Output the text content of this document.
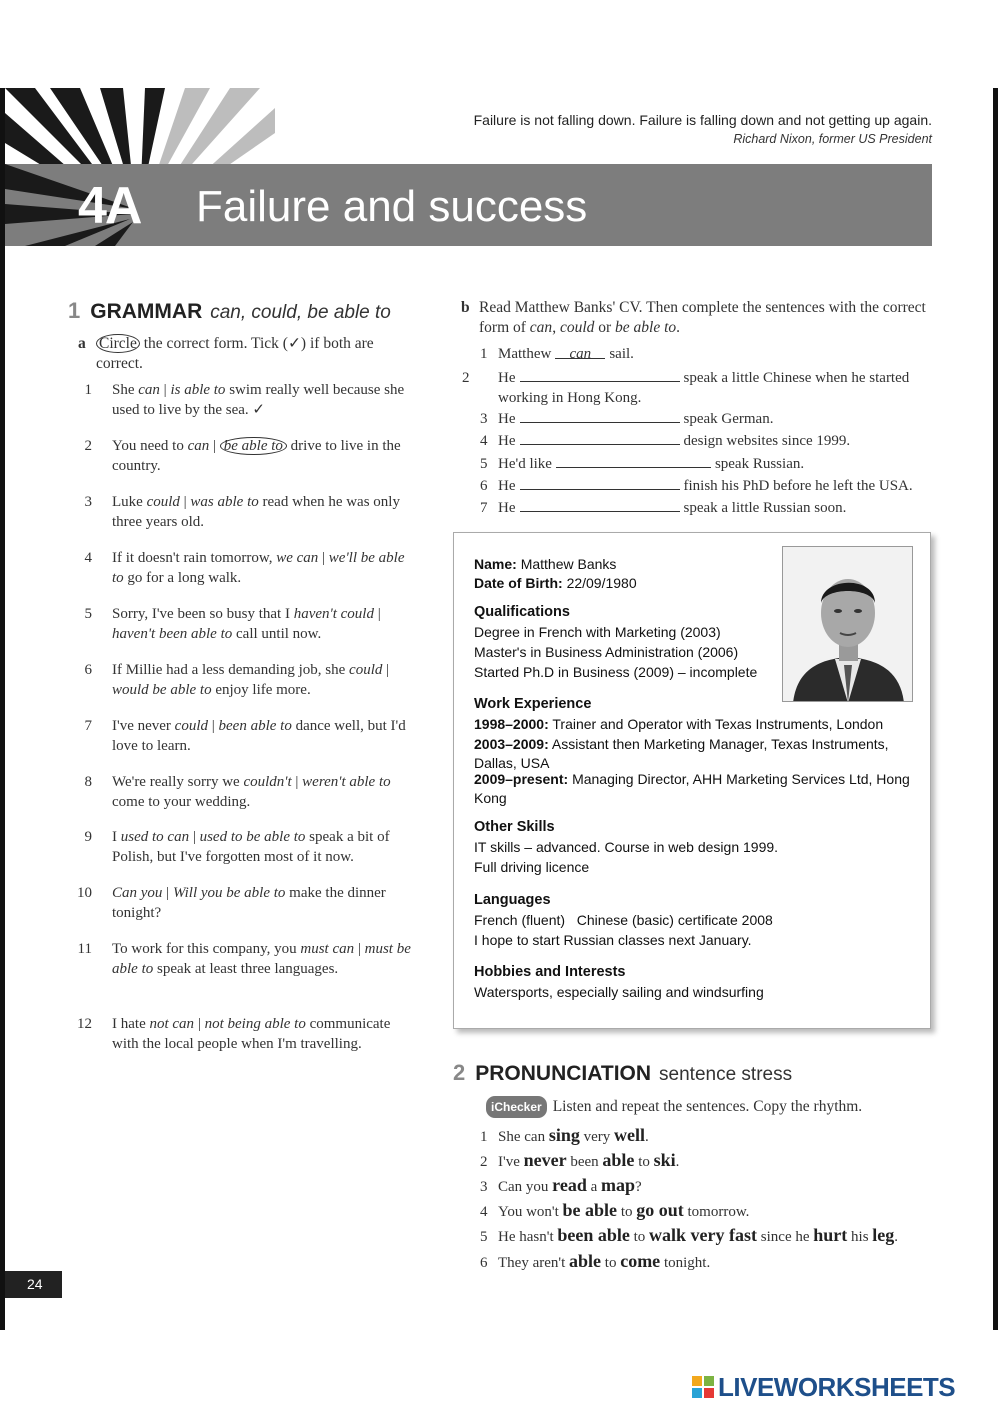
Failure is not falling down. Failure is falling down and not getting up again.
Richard Nixon, former US President
4A Failure and success
1 GRAMMAR can, could, be able to
a Circle the correct form. Tick (✓) if both are correct.
1 She can | is able to swim really well because she used to live by the sea. ✓
2 You need to can | be able to drive to live in the country.
3 Luke could | was able to read when he was only three years old.
4 If it doesn't rain tomorrow, we can | we'll be able to go for a long walk.
5 Sorry, I've been so busy that I haven't could | haven't been able to call until now.
6 If Millie had a less demanding job, she could | would be able to enjoy life more.
7 I've never could | been able to dance well, but I'd love to learn.
8 We're really sorry we couldn't | weren't able to come to your wedding.
9 I used to can | used to be able to speak a bit of Polish, but I've forgotten most of it now.
10 Can you | Will you be able to make the dinner tonight?
11 To work for this company, you must can | must be able to speak at least three languages.
12 I hate not can | not being able to communicate with the local people when I'm travelling.
b Read Matthew Banks' CV. Then complete the sentences with the correct form of can, could or be able to.
1 Matthew can sail.
2 He	speak a little Chinese when he started working in Hong Kong.
3 He	speak German.
4 He	design websites since 1999.
5 He'd like	speak Russian.
6 He	finish his PhD before he left the USA.
7 He	speak a little Russian soon.
Name: Matthew Banks
Date of Birth: 22/09/1980
Qualifications
Degree in French with Marketing (2003)
Master's in Business Administration (2006)
Started Ph.D in Business (2009) – incomplete
Work Experience
1998–2000: Trainer and Operator with Texas Instruments, London
2003–2009: Assistant then Marketing Manager, Texas Instruments, Dallas, USA
2009–present: Managing Director, AHH Marketing Services Ltd, Hong Kong
Other Skills
IT skills – advanced. Course in web design 1999.
Full driving licence
Languages
French (fluent)   Chinese (basic) certificate 2008
I hope to start Russian classes next January.
Hobbies and Interests
Watersports, especially sailing and windsurfing
2 PRONUNCIATION sentence stress
iChecker Listen and repeat the sentences. Copy the rhythm.
1 She can sing very well.
2 I've never been able to ski.
3 Can you read a map?
4 You won't be able to go out tomorrow.
5 He hasn't been able to walk very fast since he hurt his leg.
6 They aren't able to come tonight.
24
LIVEWORKSHEETS
